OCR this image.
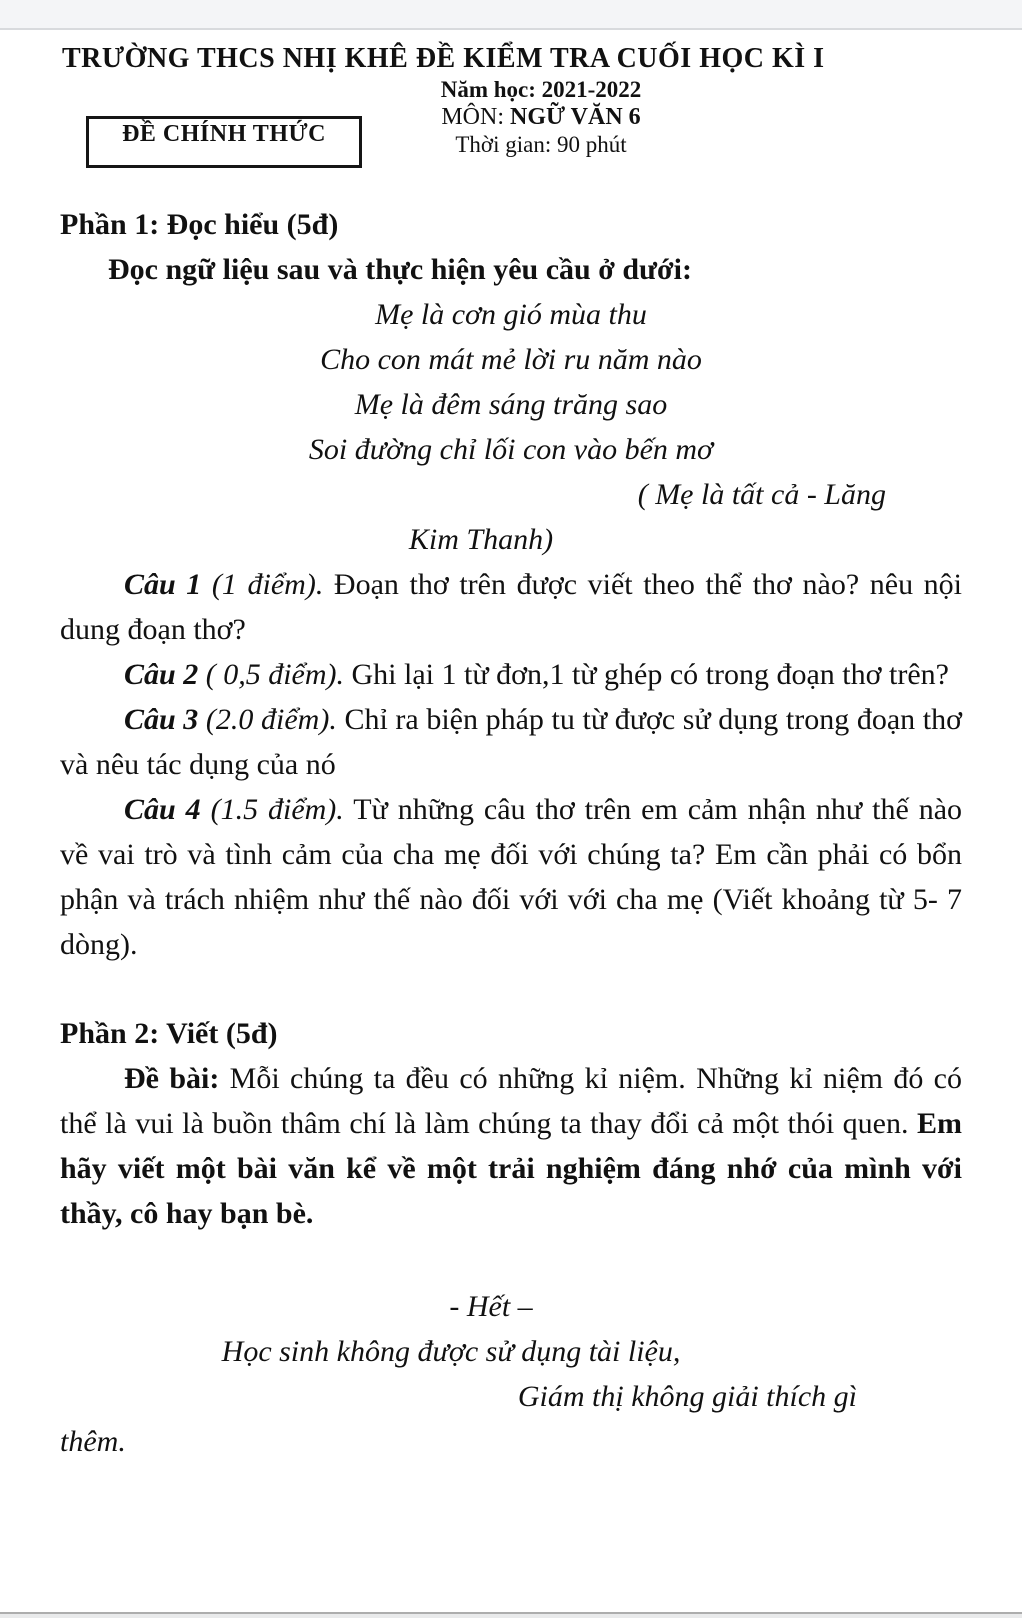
TRƯỜNG THCS NHỊ KHÊ ĐỀ KIỂM TRA CUỐI HỌC KÌ I
Năm học: 2021-2022
MÔN: NGỮ VĂN 6
Thời gian: 90 phút
ĐỀ CHÍNH THỨC
Phần 1: Đọc hiểu (5đ)
Đọc ngữ liệu sau và thực hiện yêu cầu ở dưới:
Mẹ là cơn gió mùa thu
Cho con mát mẻ lời ru năm nào
Mẹ là đêm sáng trăng sao
Soi đường chỉ lối con vào bến mơ
( Mẹ là tất cả - Lăng
Kim Thanh)

Câu 1 (1 điểm). Đoạn thơ trên được viết theo thể thơ nào? nêu nội dung đoạn thơ?

Câu 2 ( 0,5 điểm). Ghi lại 1 từ đơn,1 từ ghép có trong đoạn thơ trên?

Câu 3 (2.0 điểm). Chỉ ra biện pháp tu từ được sử dụng trong đoạn thơ và nêu tác dụng của nó

Câu 4 (1.5 điểm). Từ những câu thơ trên em cảm nhận như thế nào về vai trò và tình cảm của cha mẹ đối với chúng ta? Em cần phải có bổn phận và trách nhiệm như thế nào đối với với cha mẹ (Viết khoảng từ 5- 7 dòng).

Phần 2: Viết (5đ)

Đề bài: Mỗi chúng ta đều có những kỉ niệm. Những kỉ niệm đó có thể là vui là buồn thâm chí là làm chúng ta thay đổi cả một thói quen. Em hãy viết một bài văn kể về một trải nghiệm đáng nhớ của mình với thầy, cô hay bạn bè.

- Hết –
Học sinh không được sử dụng tài liệu,
Giám thị không giải thích gì
thêm.
